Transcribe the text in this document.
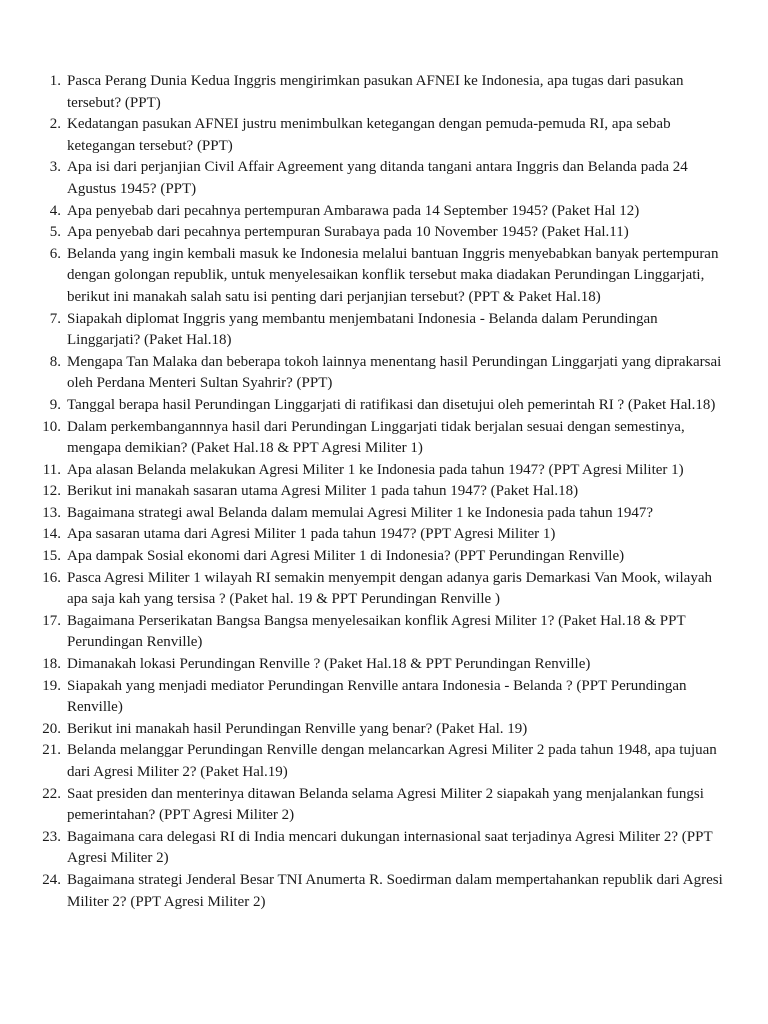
1. Pasca Perang Dunia Kedua Inggris mengirimkan pasukan AFNEI ke Indonesia, apa tugas dari pasukan tersebut? (PPT)
2. Kedatangan pasukan AFNEI justru menimbulkan ketegangan dengan pemuda-pemuda RI, apa sebab ketegangan tersebut? (PPT)
3. Apa isi dari perjanjian Civil Affair Agreement yang ditanda tangani antara Inggris dan Belanda pada 24 Agustus 1945? (PPT)
4. Apa penyebab dari pecahnya pertempuran Ambarawa pada 14 September 1945? (Paket Hal 12)
5. Apa penyebab dari pecahnya pertempuran Surabaya pada 10 November 1945? (Paket Hal.11)
6. Belanda yang ingin kembali masuk ke Indonesia melalui bantuan Inggris menyebabkan banyak pertempuran dengan golongan republik, untuk menyelesaikan konflik tersebut maka diadakan Perundingan Linggarjati, berikut ini manakah salah satu isi penting dari perjanjian tersebut? (PPT & Paket Hal.18)
7. Siapakah diplomat Inggris yang membantu menjembatani Indonesia - Belanda dalam Perundingan Linggarjati? (Paket Hal.18)
8. Mengapa Tan Malaka dan beberapa tokoh lainnya menentang hasil Perundingan Linggarjati yang diprakarsai oleh Perdana Menteri Sultan Syahrir? (PPT)
9. Tanggal berapa hasil Perundingan Linggarjati di ratifikasi dan disetujui oleh pemerintah RI ? (Paket Hal.18)
10. Dalam perkembangannnya hasil dari Perundingan Linggarjati tidak berjalan sesuai dengan semestinya, mengapa demikian? (Paket Hal.18 & PPT Agresi Militer 1)
11. Apa alasan Belanda melakukan Agresi Militer 1 ke Indonesia pada tahun 1947? (PPT Agresi Militer 1)
12. Berikut ini manakah sasaran utama Agresi Militer 1 pada tahun 1947? (Paket Hal.18)
13. Bagaimana strategi awal Belanda dalam memulai Agresi Militer 1 ke Indonesia pada tahun 1947?
14. Apa sasaran utama dari Agresi Militer 1 pada tahun 1947? (PPT Agresi Militer 1)
15. Apa dampak Sosial ekonomi dari Agresi Militer 1 di Indonesia? (PPT Perundingan Renville)
16. Pasca Agresi Militer 1 wilayah RI semakin menyempit dengan adanya garis Demarkasi Van Mook, wilayah apa saja kah yang tersisa ? (Paket hal. 19 & PPT Perundingan Renville )
17. Bagaimana Perserikatan Bangsa Bangsa menyelesaikan konflik Agresi Militer 1? (Paket Hal.18 & PPT Perundingan Renville)
18. Dimanakah lokasi Perundingan Renville ? (Paket Hal.18 & PPT Perundingan Renville)
19. Siapakah yang menjadi mediator Perundingan Renville antara Indonesia - Belanda ? (PPT Perundingan Renville)
20. Berikut ini manakah hasil Perundingan Renville yang benar? (Paket Hal. 19)
21. Belanda melanggar Perundingan Renville dengan melancarkan Agresi Militer 2 pada tahun 1948, apa tujuan dari Agresi Militer 2? (Paket Hal.19)
22. Saat presiden dan menterinya ditawan Belanda selama Agresi Militer 2 siapakah yang menjalankan fungsi pemerintahan? (PPT Agresi Militer 2)
23. Bagaimana cara delegasi RI di India mencari dukungan internasional saat terjadinya Agresi Militer 2? (PPT Agresi Militer 2)
24. Bagaimana strategi Jenderal Besar TNI Anumerta R. Soedirman dalam mempertahankan republik dari Agresi Militer 2? (PPT Agresi Militer 2)
